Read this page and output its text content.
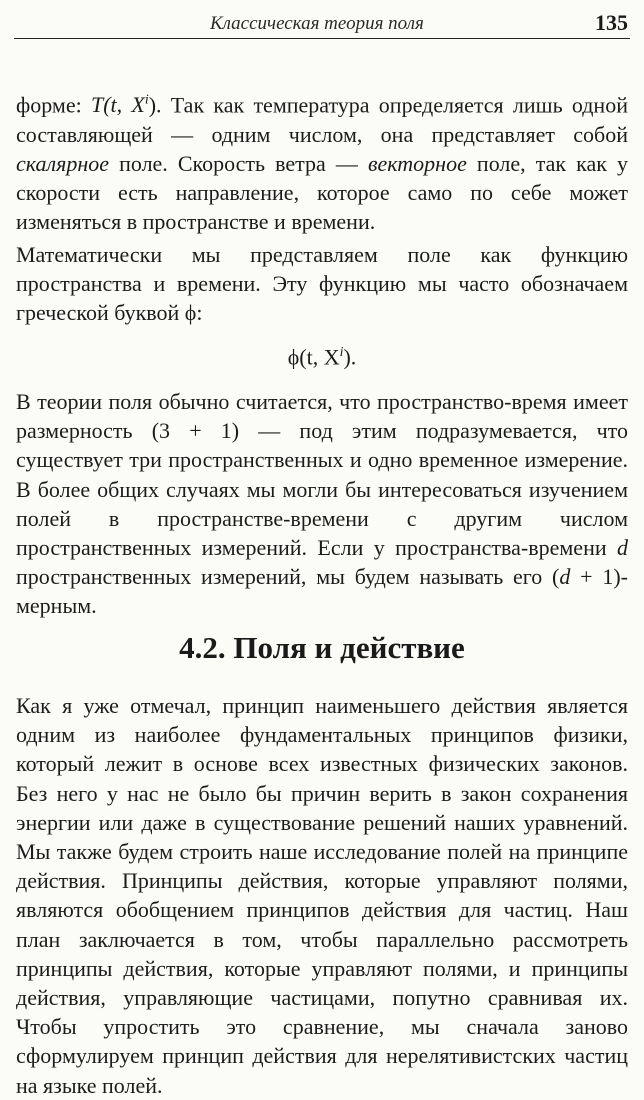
Классическая теория поля	135

форме: T(t, $X^i$). Так как температура определяется лишь одной составляющей — одним числом, она представляет собой скалярное поле. Скорость ветра — векторное поле, так как у скорости есть направление, которое само по себе может изменяться в пространстве и времени.

Математически мы представляем поле как функцию пространства и времени. Эту функцию мы часто обозначаем греческой буквой ϕ:

ϕ(t, $X^i$).

В теории поля обычно считается, что пространство-время имеет размерность (3 + 1) — под этим подразумевается, что существует три пространственных и одно временное измерение. В более общих случаях мы могли бы интересоваться изучением полей в пространстве-времени с другим числом пространственных измерений. Если у пространства-времени d пространственных измерений, мы будем называть его (d + 1)-мерным.

4.2. Поля и действие

Как я уже отмечал, принцип наименьшего действия является одним из наиболее фундаментальных принципов физики, который лежит в основе всех известных физических законов. Без него у нас не было бы причин верить в закон сохранения энергии или даже в существование решений наших уравнений. Мы также будем строить наше исследование полей на принципе действия. Принципы действия, которые управляют полями, являются обобщением принципов действия для частиц. Наш план заключается в том, чтобы параллельно рассмотреть принципы действия, которые управляют полями, и принципы действия, управляющие частицами, попутно сравнивая их. Чтобы упростить это сравнение, мы сначала заново сформулируем принцип действия для нерелятивистских частиц на языке полей.
